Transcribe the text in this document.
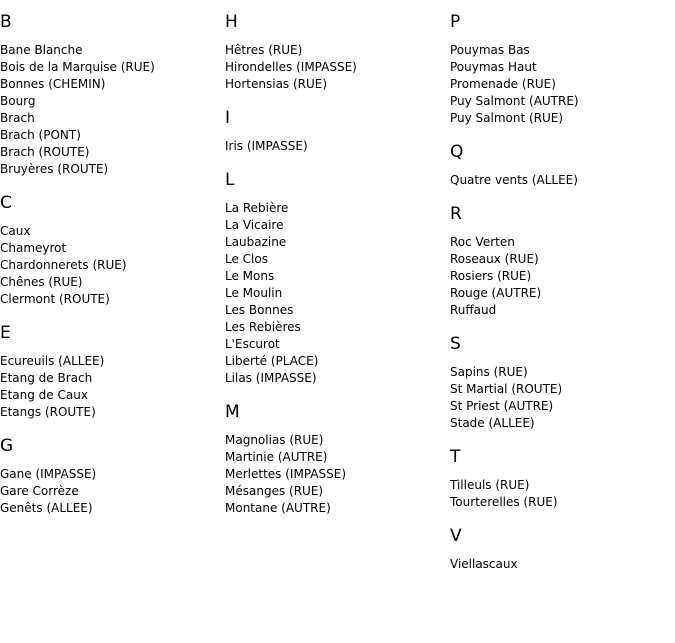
B
Bane Blanche
Bois de la Marquise (RUE)
Bonnes (CHEMIN)
Bourg
Brach
Brach (PONT)
Brach (ROUTE)
Bruyères (ROUTE)
C
Caux
Chameyrot
Chardonnerets (RUE)
Chênes (RUE)
Clermont (ROUTE)
E
Ecureuils (ALLEE)
Etang de Brach
Etang de Caux
Etangs (ROUTE)
G
Gane (IMPASSE)
Gare Corrèze
Genêts (ALLEE)
H
Hêtres (RUE)
Hirondelles (IMPASSE)
Hortensias (RUE)
I
Iris (IMPASSE)
L
La Rebière
La Vicaire
Laubazine
Le Clos
Le Mons
Le Moulin
Les Bonnes
Les Rebières
L'Escurot
Liberté (PLACE)
Lilas (IMPASSE)
M
Magnolias (RUE)
Martinie (AUTRE)
Merlettes (IMPASSE)
Mésanges (RUE)
Montane (AUTRE)
P
Pouymas Bas
Pouymas Haut
Promenade (RUE)
Puy Salmont (AUTRE)
Puy Salmont (RUE)
Q
Quatre vents (ALLEE)
R
Roc Verten
Roseaux (RUE)
Rosiers (RUE)
Rouge (AUTRE)
Ruffaud
S
Sapins (RUE)
St Martial (ROUTE)
St Priest (AUTRE)
Stade (ALLEE)
T
Tilleuls (RUE)
Tourterelles (RUE)
V
Viellascaux
